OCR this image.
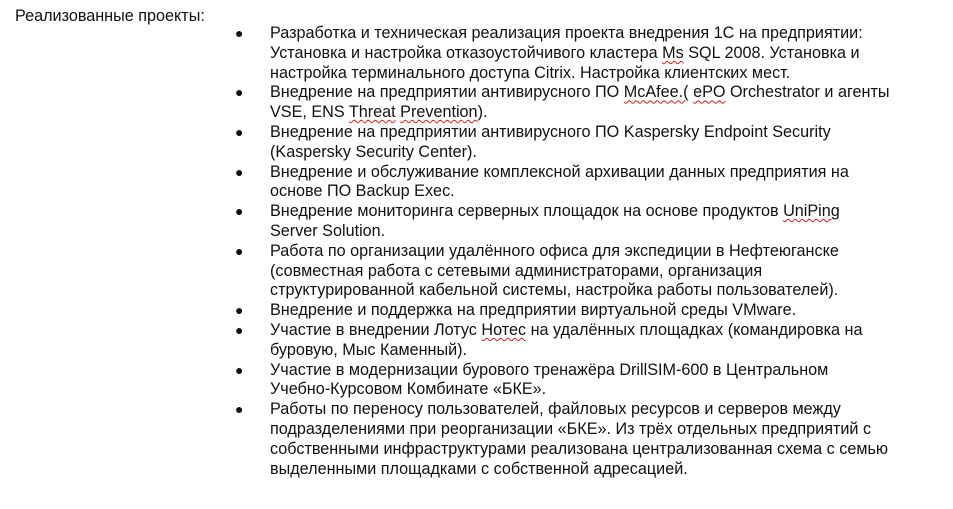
Реализованные проекты:
● Разработка и техническая реализация проекта внедрения 1С на предприятии:
Установка и настройка отказоустойчивого кластера Ms SQL 2008. Установка и
настройка терминального доступа Citrix. Настройка клиентских мест.
● Внедрение на предприятии антивирусного ПО McAfee.( ePO Orchestrator и агенты
VSE, ENS Threat Prevention).
● Внедрение на предприятии антивирусного ПО Kaspersky Endpoint Security
(Kaspersky Security Center).
● Внедрение и обслуживание комплексной архивации данных предприятия на
основе ПО Backup Exec.
● Внедрение мониторинга серверных площадок на основе продуктов UniPing
Server Solution.
● Работа по организации удалённого офиса для экспедиции в Нефтеюганске
(совместная работа с сетевыми администраторами, организация
структурированной кабельной системы, настройка работы пользователей).
● Внедрение и поддержка на предприятии виртуальной среды VMware.
● Участие в внедрении Лотус Нотес на удалённых площадках (командировка на
буровую, Мыс Каменный).
● Участие в модернизации бурового тренажёра DrillSIM-600 в Центральном
Учебно-Курсовом Комбинате «БКЕ».
● Работы по переносу пользователей, файловых ресурсов и серверов между
подразделениями при реорганизации «БКЕ». Из трёх отдельных предприятий с
собственными инфраструктурами реализована централизованная схема с семью
выделенными площадками с собственной адресацией.
